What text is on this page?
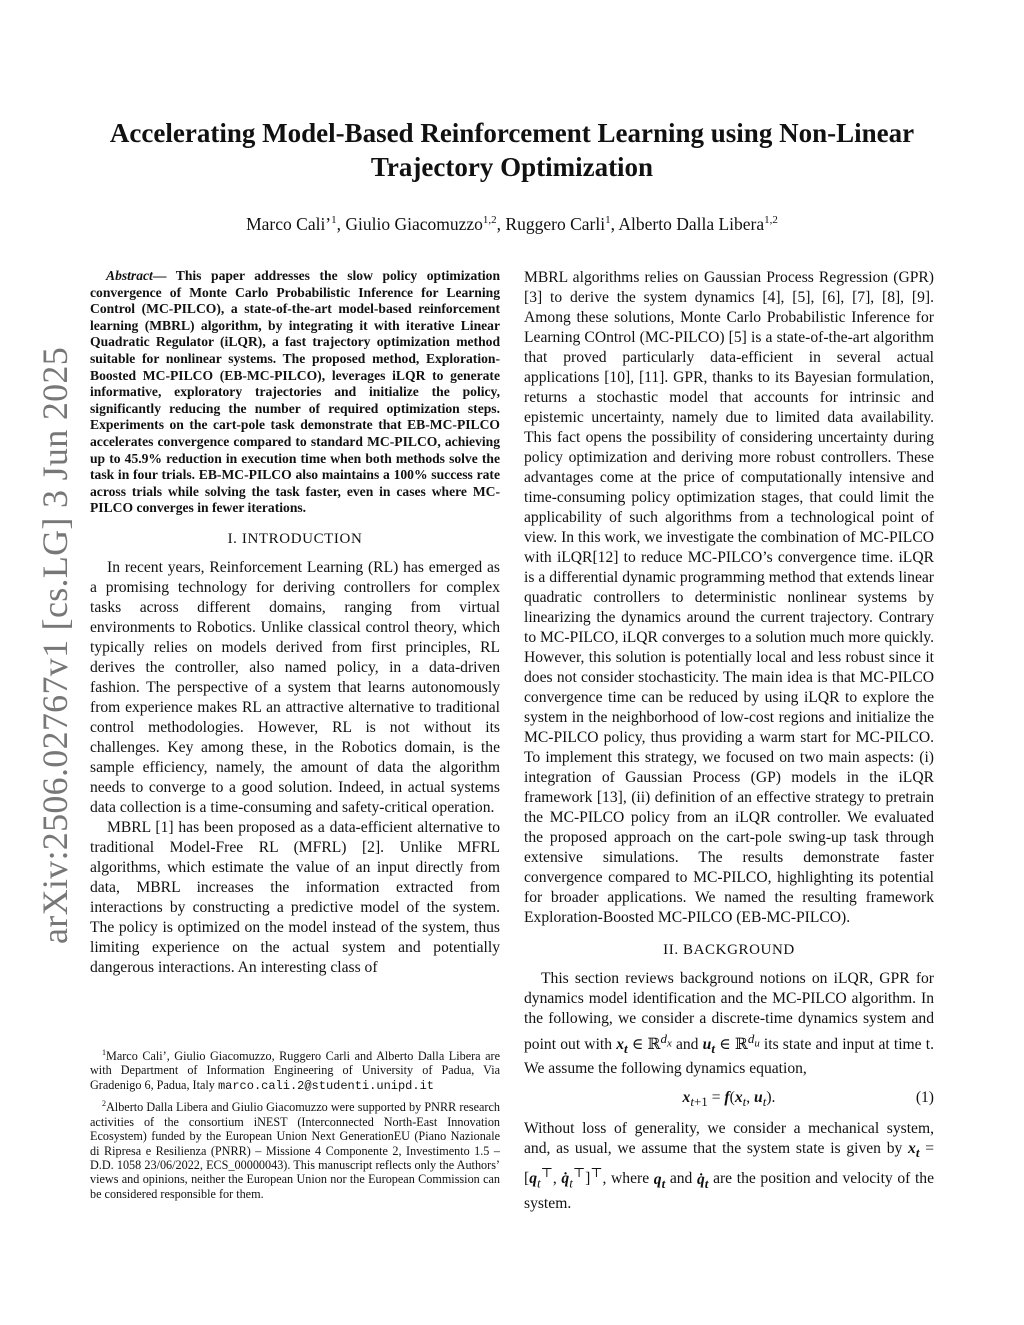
arXiv:2506.02767v1 [cs.LG] 3 Jun 2025
Accelerating Model-Based Reinforcement Learning using Non-Linear
Trajectory Optimization
Marco Cali’$^1$, Giulio Giacomuzzo$^{1,2}$, Ruggero Carli$^1$, Alberto Dalla Libera$^{1,2}$

Abstract— This paper addresses the slow policy optimization convergence of Monte Carlo Probabilistic Inference for Learning Control (MC-PILCO), a state-of-the-art model-based reinforcement learning (MBRL) algorithm, by integrating it with iterative Linear Quadratic Regulator (iLQR), a fast trajectory optimization method suitable for nonlinear systems. The proposed method, Exploration-Boosted MC-PILCO (EB-MC-PILCO), leverages iLQR to generate informative, exploratory trajectories and initialize the policy, significantly reducing the number of required optimization steps. Experiments on the cart-pole task demonstrate that EB-MC-PILCO accelerates convergence compared to standard MC-PILCO, achieving up to 45.9% reduction in execution time when both methods solve the task in four trials. EB-MC-PILCO also maintains a 100% success rate across trials while solving the task faster, even in cases where MC-PILCO converges in fewer iterations.

I. INTRODUCTION

In recent years, Reinforcement Learning (RL) has emerged as a promising technology for deriving controllers for complex tasks across different domains, ranging from virtual environments to Robotics. Unlike classical control theory, which typically relies on models derived from first principles, RL derives the controller, also named policy, in a data-driven fashion. The perspective of a system that learns autonomously from experience makes RL an attractive alternative to traditional control methodologies. However, RL is not without its challenges. Key among these, in the Robotics domain, is the sample efficiency, namely, the amount of data the algorithm needs to converge to a good solution. Indeed, in actual systems data collection is a time-consuming and safety-critical operation.

MBRL [1] has been proposed as a data-efficient alternative to traditional Model-Free RL (MFRL) [2]. Unlike MFRL algorithms, which estimate the value of an input directly from data, MBRL increases the information extracted from interactions by constructing a predictive model of the system. The policy is optimized on the model instead of the system, thus limiting experience on the actual system and potentially dangerous interactions. An interesting class of

$^1$Marco Cali’, Giulio Giacomuzzo, Ruggero Carli and Alberto Dalla Libera are with Department of Information Engineering of University of Padua, Via Gradenigo 6, Padua, Italy marco.cali.2@studenti.unipd.it

$^2$Alberto Dalla Libera and Giulio Giacomuzzo were supported by PNRR research activities of the consortium iNEST (Interconnected North-East Innovation Ecosystem) funded by the European Union Next GenerationEU (Piano Nazionale di Ripresa e Resilienza (PNRR) – Missione 4 Componente 2, Investimento 1.5 – D.D. 1058 23/06/2022, ECS_00000043). This manuscript reflects only the Authors’ views and opinions, neither the European Union nor the European Commission can be considered responsible for them.

MBRL algorithms relies on Gaussian Process Regression (GPR) [3] to derive the system dynamics [4], [5], [6], [7], [8], [9]. Among these solutions, Monte Carlo Probabilistic Inference for Learning COntrol (MC-PILCO) [5] is a state-of-the-art algorithm that proved particularly data-efficient in several actual applications [10], [11]. GPR, thanks to its Bayesian formulation, returns a stochastic model that accounts for intrinsic and epistemic uncertainty, namely due to limited data availability. This fact opens the possibility of considering uncertainty during policy optimization and deriving more robust controllers. These advantages come at the price of computationally intensive and time-consuming policy optimization stages, that could limit the applicability of such algorithms from a technological point of view. In this work, we investigate the combination of MC-PILCO with iLQR[12] to reduce MC-PILCO’s convergence time. iLQR is a differential dynamic programming method that extends linear quadratic controllers to deterministic nonlinear systems by linearizing the dynamics around the current trajectory. Contrary to MC-PILCO, iLQR converges to a solution much more quickly. However, this solution is potentially local and less robust since it does not consider stochasticity. The main idea is that MC-PILCO convergence time can be reduced by using iLQR to explore the system in the neighborhood of low-cost regions and initialize the MC-PILCO policy, thus providing a warm start for MC-PILCO. To implement this strategy, we focused on two main aspects: (i) integration of Gaussian Process (GP) models in the iLQR framework [13], (ii) definition of an effective strategy to pretrain the MC-PILCO policy from an iLQR controller. We evaluated the proposed approach on the cart-pole swing-up task through extensive simulations. The results demonstrate faster convergence compared to MC-PILCO, highlighting its potential for broader applications. We named the resulting framework Exploration-Boosted MC-PILCO (EB-MC-PILCO).

II. BACKGROUND

This section reviews background notions on iLQR, GPR for dynamics model identification and the MC-PILCO algorithm. In the following, we consider a discrete-time dynamics system and point out with $x_t$ ∈ ℝ$^{d_x}$ and $u_t$ ∈ ℝ$^{d_u}$ its state and input at time t. We assume the following dynamics equation,

$x_{t+1} = f(x_t$, $u_t$).	(1)

Without loss of generality, we consider a mechanical system, and, as usual, we assume that the system state is given by $x_t = [q_t^⊤$, $q̇_t^⊤]^⊤$, where $q_t$ and $q̇_t$ are the position and velocity of the system.
